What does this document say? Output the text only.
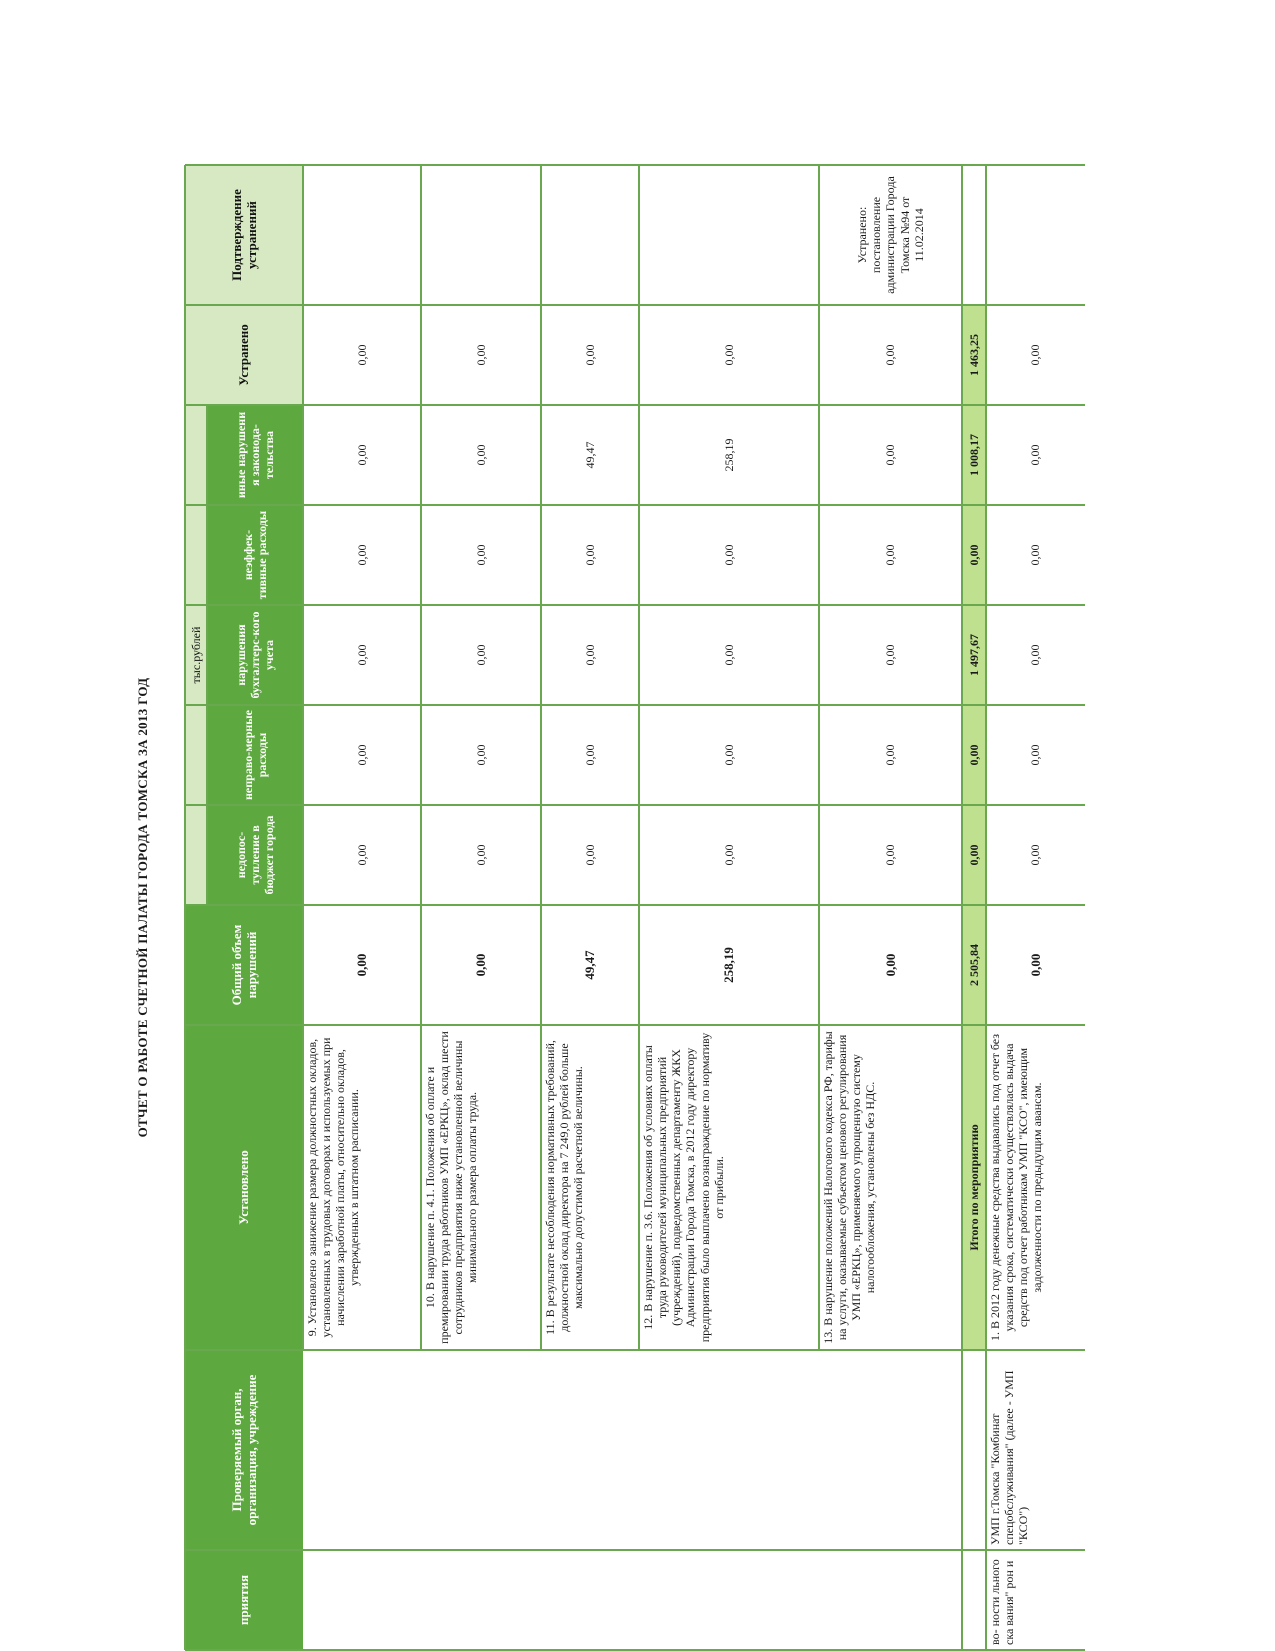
ОТЧЕТ О РАБОТЕ СЧЕТНОЙ ПАЛАТЫ ГОРОДА ТОМСКА ЗА 2013 ГОД
приятия
Проверяемый орган, организация, учреждение
Установлено
Общий объем нарушений
тыс.рублей
недопос-тупление в бюджет города
неправо-мерные расходы
нарушения бухгалтерс-кого учета
неэффек-тивные расходы
иные нарушени я законода-тельства
Устранено
Подтверждение устранений
9. Установлено занижение размера должностных окладов, установленных в трудовых договорах и используемых при начислении заработной платы, относительно окладов, утвержденных в штатном расписании.
0,00
0,00
0,00
0,00
0,00
0,00
0,00
10. В нарушение п. 4.1. Положения об оплате и премировании труда работников УМП «ЕРКЦ», оклад шести сотрудников предприятия ниже установленной величины минимального размера оплаты труда.
0,00
0,00
0,00
0,00
0,00
0,00
0,00
11. В результате несоблюдения нормативных требований, должностной оклад директора на 7 249,0 рублей больше максимально допустимой расчетной величины.
49,47
0,00
0,00
0,00
0,00
49,47
0,00
12. В нарушение п. 3.6. Положения об условиях оплаты труда руководителей муниципальных предприятий (учреждений), подведомственных департаменту ЖКХ Администрации Города Томска, в 2012 году директору предприятия было выплачено вознаграждение по нормативу от прибыли.
258,19
0,00
0,00
0,00
0,00
258,19
0,00
13. В нарушение положений Налогового кодекса РФ, тарифы на услуги, оказываемые субъектом ценового регулирования УМП «ЕРКЦ», применяемого упрощенную систему налогообложения, установлены без НДС.
0,00
0,00
0,00
0,00
0,00
0,00
0,00
Устранено: постановление администрации Города Томска №94 от 11.02.2014
Итого по мероприятию
2 505,84
0,00
0,00
1 497,67
0,00
1 008,17
1 463,25
во- ности льного ска вания" рон и
УМП г.Томска "Комбинат спецобслуживания" (далее - УМП "КСО")
1. В 2012 году денежные средства выдавались под отчет без указания срока, систематически осуществлялась выдача средств под отчет работникам УМП "КСО", имеющим задолженности по предыдущим авансам.
0,00
0,00
0,00
0,00
0,00
0,00
0,00
